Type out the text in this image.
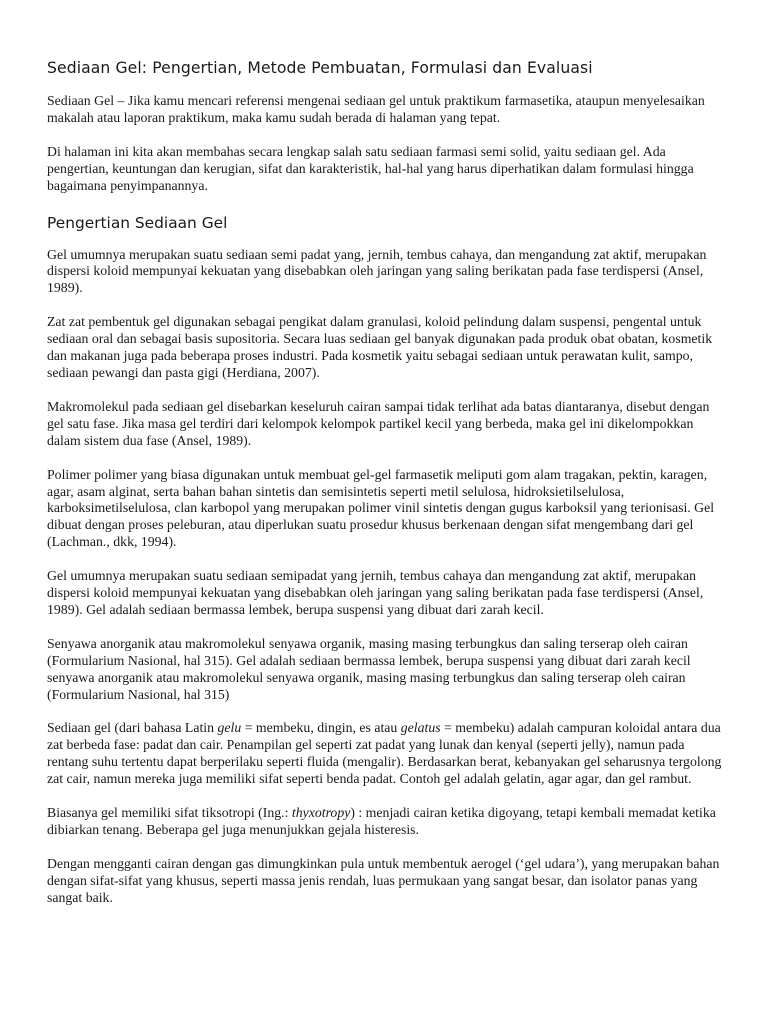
Sediaan Gel: Pengertian, Metode Pembuatan, Formulasi dan Evaluasi

Sediaan Gel – Jika kamu mencari referensi mengenai sediaan gel untuk praktikum farmasetika, ataupun menyelesaikan makalah atau laporan praktikum, maka kamu sudah berada di halaman yang tepat.

Di halaman ini kita akan membahas secara lengkap salah satu sediaan farmasi semi solid, yaitu sediaan gel. Ada pengertian, keuntungan dan kerugian, sifat dan karakteristik, hal-hal yang harus diperhatikan dalam formulasi hingga bagaimana penyimpanannya.

Pengertian Sediaan Gel

Gel umumnya merupakan suatu sediaan semi padat yang, jernih, tembus cahaya, dan mengandung zat aktif, merupakan dispersi koloid mempunyai kekuatan yang disebabkan oleh jaringan yang saling berikatan pada fase terdispersi (Ansel, 1989).

Zat zat pembentuk gel digunakan sebagai pengikat dalam granulasi, koloid pelindung dalam suspensi, pengental untuk sediaan oral dan sebagai basis supositoria. Secara luas sediaan gel banyak digunakan pada produk obat obatan, kosmetik dan makanan juga pada beberapa proses industri. Pada kosmetik yaitu sebagai sediaan untuk perawatan kulit, sampo, sediaan pewangi dan pasta gigi (Herdiana, 2007).

Makromolekul pada sediaan gel disebarkan keseluruh cairan sampai tidak terlihat ada batas diantaranya, disebut dengan gel satu fase. Jika masa gel terdiri dari kelompok kelompok partikel kecil yang berbeda, maka gel ini dikelompokkan dalam sistem dua fase (Ansel, 1989).

Polimer polimer yang biasa digunakan untuk membuat gel-gel farmasetik meliputi gom alam tragakan, pektin, karagen, agar, asam alginat, serta bahan bahan sintetis dan semisintetis seperti metil selulosa, hidroksietilselulosa, karboksimetilselulosa, clan karbopol yang merupakan polimer vinil sintetis dengan gugus karboksil yang terionisasi. Gel dibuat dengan proses peleburan, atau diperlukan suatu prosedur khusus berkenaan dengan sifat mengembang dari gel (Lachman., dkk, 1994).

Gel umumnya merupakan suatu sediaan semipadat yang jernih, tembus cahaya dan mengandung zat aktif, merupakan dispersi koloid mempunyai kekuatan yang disebabkan oleh jaringan yang saling berikatan pada fase terdispersi (Ansel, 1989). Gel adalah sediaan bermassa lembek, berupa suspensi yang dibuat dari zarah kecil.

Senyawa anorganik atau makromolekul senyawa organik, masing masing terbungkus dan saling terserap oleh cairan (Formularium Nasional, hal 315). Gel adalah sediaan bermassa lembek, berupa suspensi yang dibuat dari zarah kecil senyawa anorganik atau makromolekul senyawa organik, masing masing terbungkus dan saling terserap oleh cairan (Formularium Nasional, hal 315)

Sediaan gel (dari bahasa Latin gelu = membeku, dingin, es atau gelatus = membeku) adalah campuran koloidal antara dua zat berbeda fase: padat dan cair. Penampilan gel seperti zat padat yang lunak dan kenyal (seperti jelly), namun pada rentang suhu tertentu dapat berperilaku seperti fluida (mengalir). Berdasarkan berat, kebanyakan gel seharusnya tergolong zat cair, namun mereka juga memiliki sifat seperti benda padat. Contoh gel adalah gelatin, agar agar, dan gel rambut.

Biasanya gel memiliki sifat tiksotropi (Ing.: thyxotropy) : menjadi cairan ketika digoyang, tetapi kembali memadat ketika dibiarkan tenang. Beberapa gel juga menunjukkan gejala histeresis.

Dengan mengganti cairan dengan gas dimungkinkan pula untuk membentuk aerogel (‘gel udara’), yang merupakan bahan dengan sifat-sifat yang khusus, seperti massa jenis rendah, luas permukaan yang sangat besar, dan isolator panas yang sangat baik.
